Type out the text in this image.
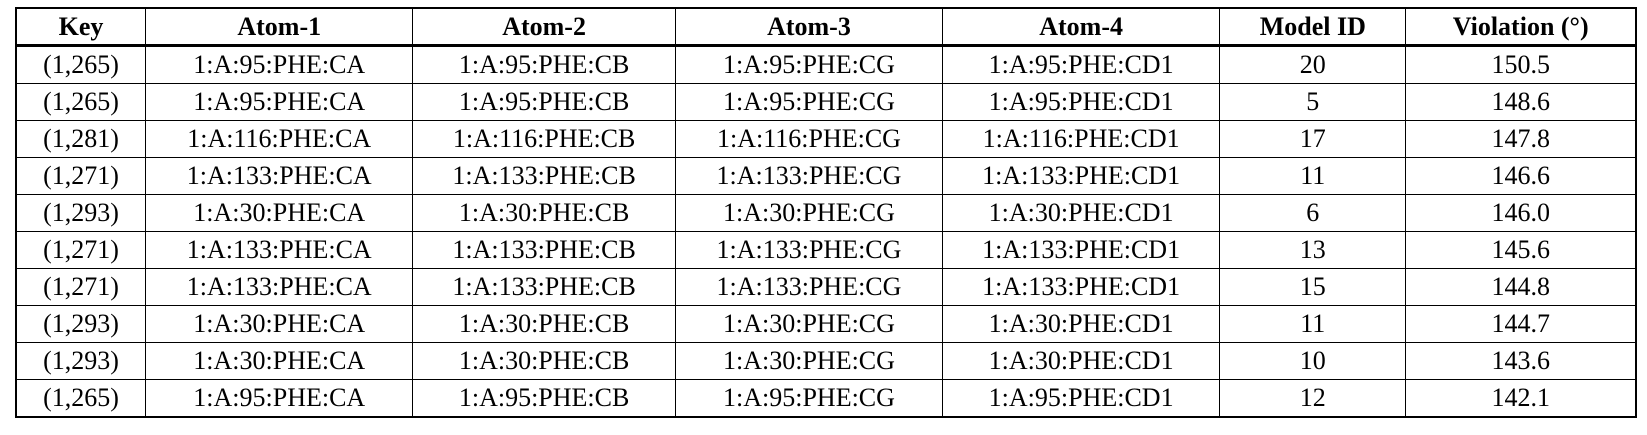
Key	Atom-1	Atom-2	Atom-3	Atom-4	Model ID	Violation (°)
(1,265)	1:A:95:PHE:CA	1:A:95:PHE:CB	1:A:95:PHE:CG	1:A:95:PHE:CD1	20	150.5
(1,265)	1:A:95:PHE:CA	1:A:95:PHE:CB	1:A:95:PHE:CG	1:A:95:PHE:CD1	5	148.6
(1,281)	1:A:116:PHE:CA	1:A:116:PHE:CB	1:A:116:PHE:CG	1:A:116:PHE:CD1	17	147.8
(1,271)	1:A:133:PHE:CA	1:A:133:PHE:CB	1:A:133:PHE:CG	1:A:133:PHE:CD1	11	146.6
(1,293)	1:A:30:PHE:CA	1:A:30:PHE:CB	1:A:30:PHE:CG	1:A:30:PHE:CD1	6	146.0
(1,271)	1:A:133:PHE:CA	1:A:133:PHE:CB	1:A:133:PHE:CG	1:A:133:PHE:CD1	13	145.6
(1,271)	1:A:133:PHE:CA	1:A:133:PHE:CB	1:A:133:PHE:CG	1:A:133:PHE:CD1	15	144.8
(1,293)	1:A:30:PHE:CA	1:A:30:PHE:CB	1:A:30:PHE:CG	1:A:30:PHE:CD1	11	144.7
(1,293)	1:A:30:PHE:CA	1:A:30:PHE:CB	1:A:30:PHE:CG	1:A:30:PHE:CD1	10	143.6
(1,265)	1:A:95:PHE:CA	1:A:95:PHE:CB	1:A:95:PHE:CG	1:A:95:PHE:CD1	12	142.1
